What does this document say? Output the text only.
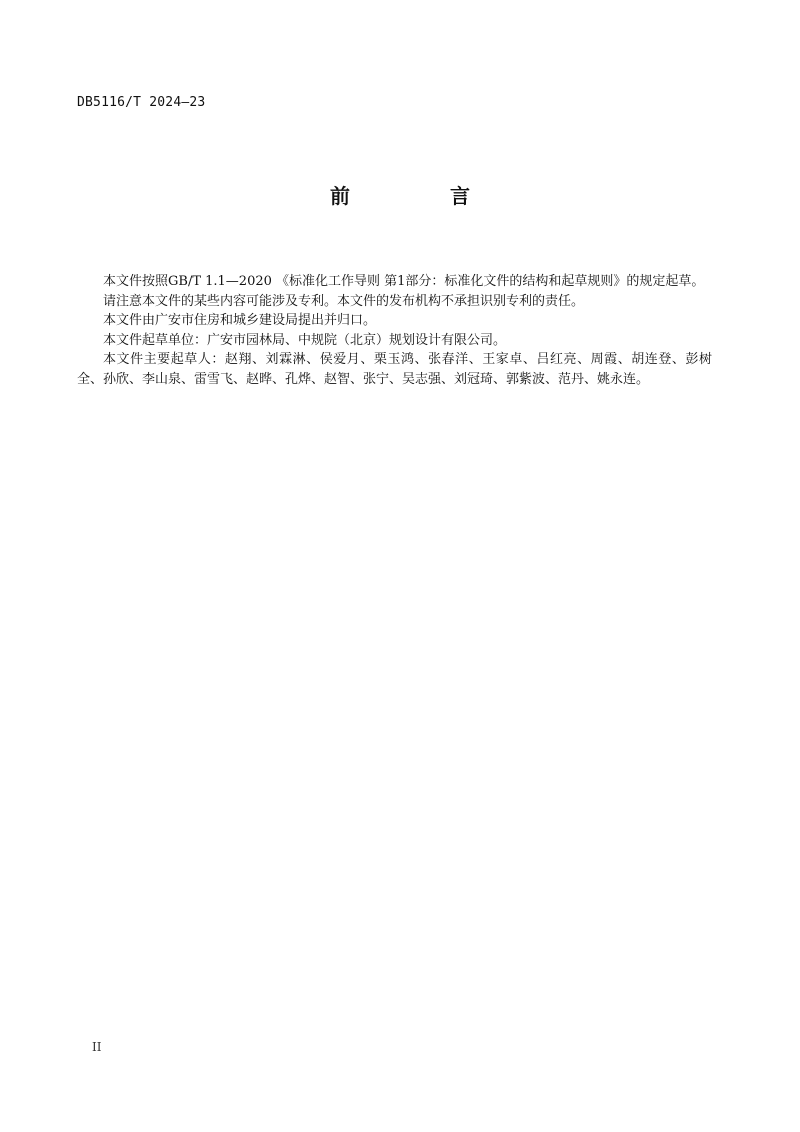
DB5116/T 2024—23
前　言

本文件按照GB/T 1.1—2020 《标准化工作导则 第1部分：标准化文件的结构和起草规则》的规定起草。

请注意本文件的某些内容可能涉及专利。本文件的发布机构不承担识别专利的责任。

本文件由广安市住房和城乡建设局提出并归口。

本文件起草单位：广安市园林局、中规院（北京）规划设计有限公司。

本文件主要起草人：赵翔、刘霖淋、侯爱月、栗玉鸿、张春洋、王家卓、吕红亮、周霞、胡连登、彭树全、孙欣、李山泉、雷雪飞、赵晔、孔烨、赵智、张宁、吴志强、刘冠琦、郭紫波、范丹、姚永连。

II
